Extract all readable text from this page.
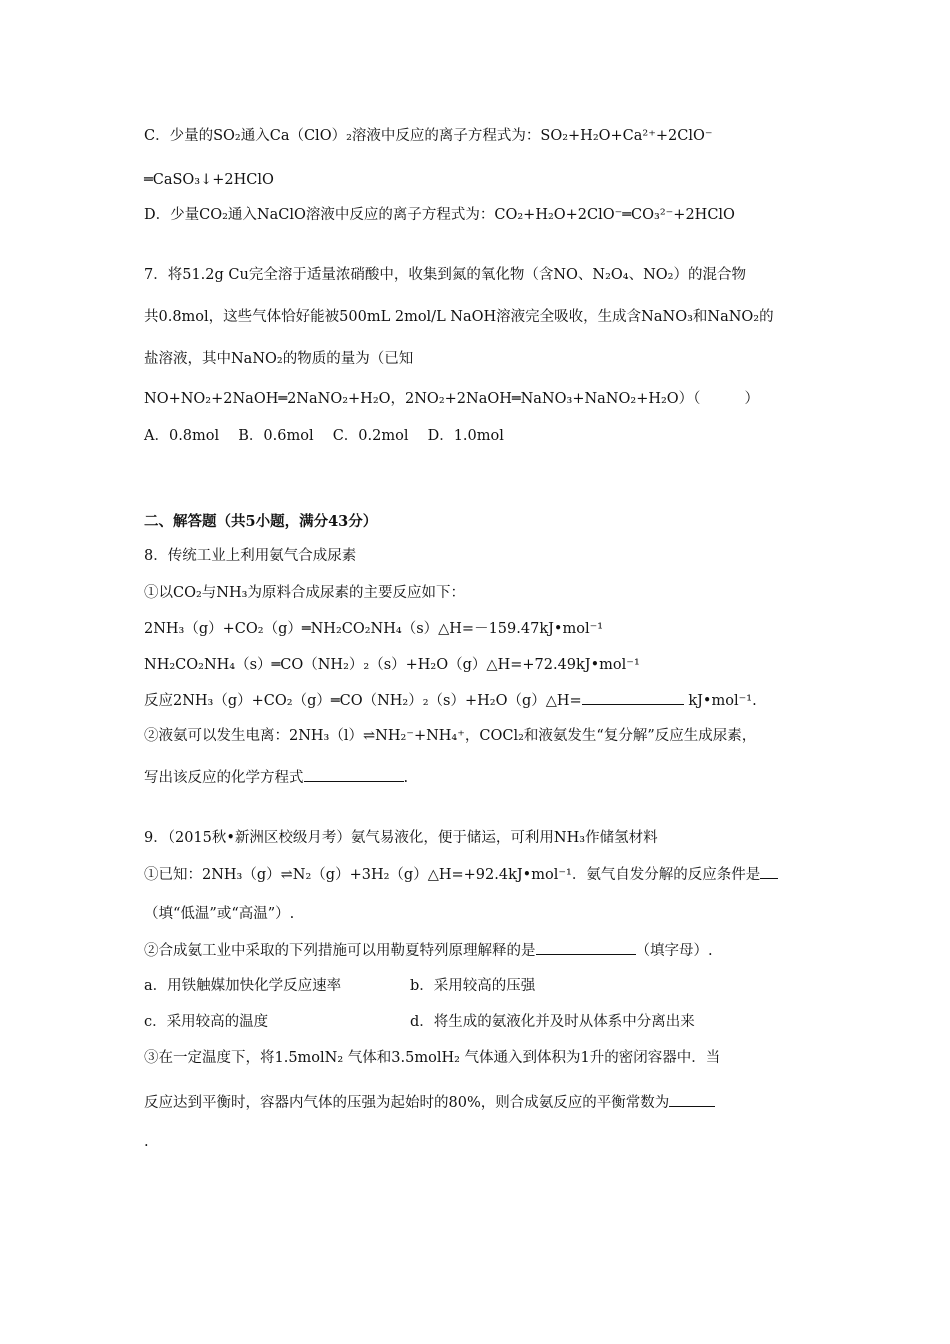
C．少量的SO₂通入Ca（ClO）₂溶液中反应的离子方程式为：SO₂+H₂O+Ca²⁺+2ClO⁻
═CaSO₃↓+2HClO
D．少量CO₂通入NaClO溶液中反应的离子方程式为：CO₂+H₂O+2ClO⁻═CO₃²⁻+2HClO
7．将51.2g Cu完全溶于适量浓硝酸中，收集到氮的氧化物（含NO、N₂O₄、NO₂）的混合物
共0.8mol，这些气体恰好能被500mL 2mol/L NaOH溶液完全吸收，生成含NaNO₃和NaNO₂的
盐溶液，其中NaNO₂的物质的量为（已知
NO+NO₂+2NaOH═2NaNO₂+H₂O，2NO₂+2NaOH═NaNO₃+NaNO₂+H₂O）（	）
A．0.8mol　 B．0.6mol　 C．0.2mol　 D．1.0mol
二、解答题（共5小题，满分43分）
8．传统工业上利用氨气合成尿素
①以CO₂与NH₃为原料合成尿素的主要反应如下：
2NH₃（g）+CO₂（g）═NH₂CO₂NH₄（s）△H=－159.47kJ•mol⁻¹
NH₂CO₂NH₄（s）═CO（NH₂）₂（s）+H₂O（g）△H=+72.49kJ•mol⁻¹
反应2NH₃（g）+CO₂（g）═CO（NH₂）₂（s）+H₂O（g）△H=	kJ•mol⁻¹.
②液氨可以发生电离：2NH₃（l）⇌NH₂⁻+NH₄⁺，COCl₂和液氨发生“复分解”反应生成尿素，
写出该反应的化学方程式	.
9．（2015秋•新洲区校级月考）氨气易液化，便于储运，可利用NH₃作储氢材料
①已知：2NH₃（g）⇌N₂（g）+3H₂（g）△H=+92.4kJ•mol⁻¹．氨气自发分解的反应条件是
（填“低温”或“高温”）.
②合成氨工业中采取的下列措施可以用勒夏特列原理解释的是	（填字母）.
a．用铁触媒加快化学反应速率	b．采用较高的压强
c．采用较高的温度	d．将生成的氨液化并及时从体系中分离出来
③在一定温度下，将1.5molN₂ 气体和3.5molH₂ 气体通入到体积为1升的密闭容器中．当
反应达到平衡时，容器内气体的压强为起始时的80%，则合成氨反应的平衡常数为
.
